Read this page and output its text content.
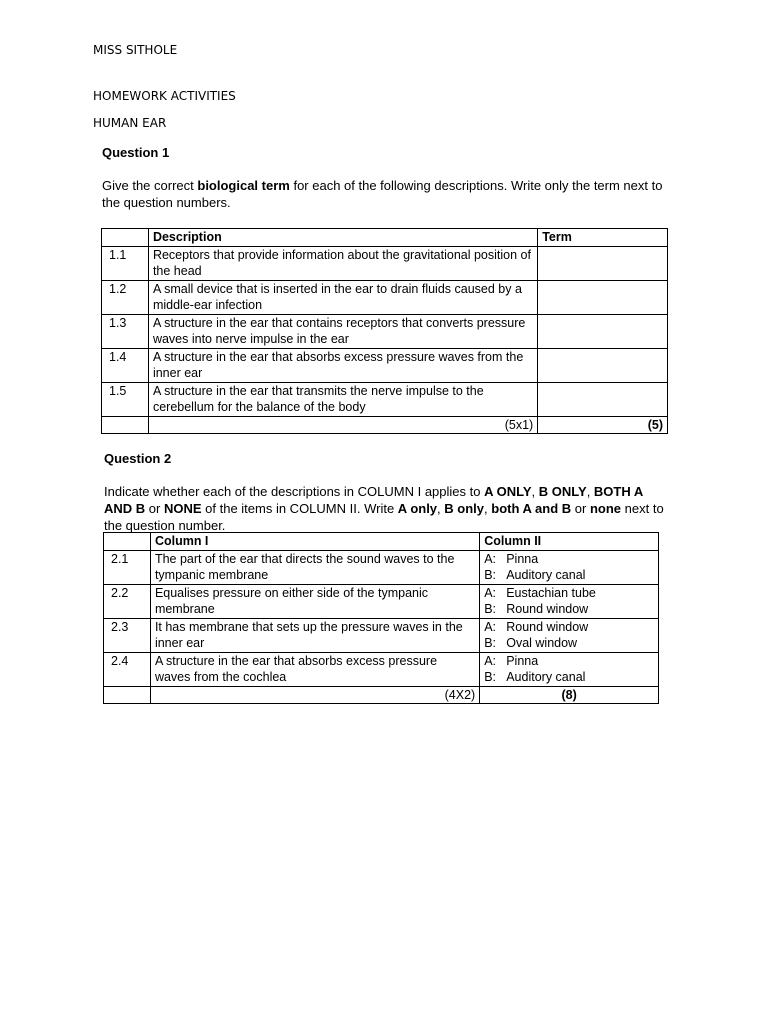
MISS SITHOLE
HOMEWORK ACTIVITIES
HUMAN EAR
Question 1
Give the correct biological term for each of the following descriptions. Write only the term next to the question numbers.
	Description	Term
1.1	Receptors that provide information about the gravitational position of the head	
1.2	A small device that is inserted in the ear to drain fluids caused by a middle-ear infection	
1.3	A structure in the ear that contains receptors that converts pressure waves into nerve impulse in the ear	
1.4	A structure in the ear that absorbs excess pressure waves from the inner ear	
1.5	A structure in the ear that transmits the nerve impulse to the cerebellum for the balance of the body	
	(5x1)	(5)
Question 2
Indicate whether each of the descriptions in COLUMN I applies to A ONLY, B ONLY, BOTH A AND B or NONE of the items in COLUMN II. Write A only, B only, both A and B or none next to the question number.
	Column I	Column II
2.1	The part of the ear that directs the sound waves to the tympanic membrane	A: Pinna
B: Auditory canal

2.2	Equalises pressure on either side of the tympanic membrane	A: Eustachian tube
B: Round window

2.3	It has membrane that sets up the pressure waves in the inner ear	A: Round window
B: Oval window

2.4	A structure in the ear that absorbs excess pressure waves from the cochlea	A: Pinna
B: Auditory canal

	(4X2)	(8)
